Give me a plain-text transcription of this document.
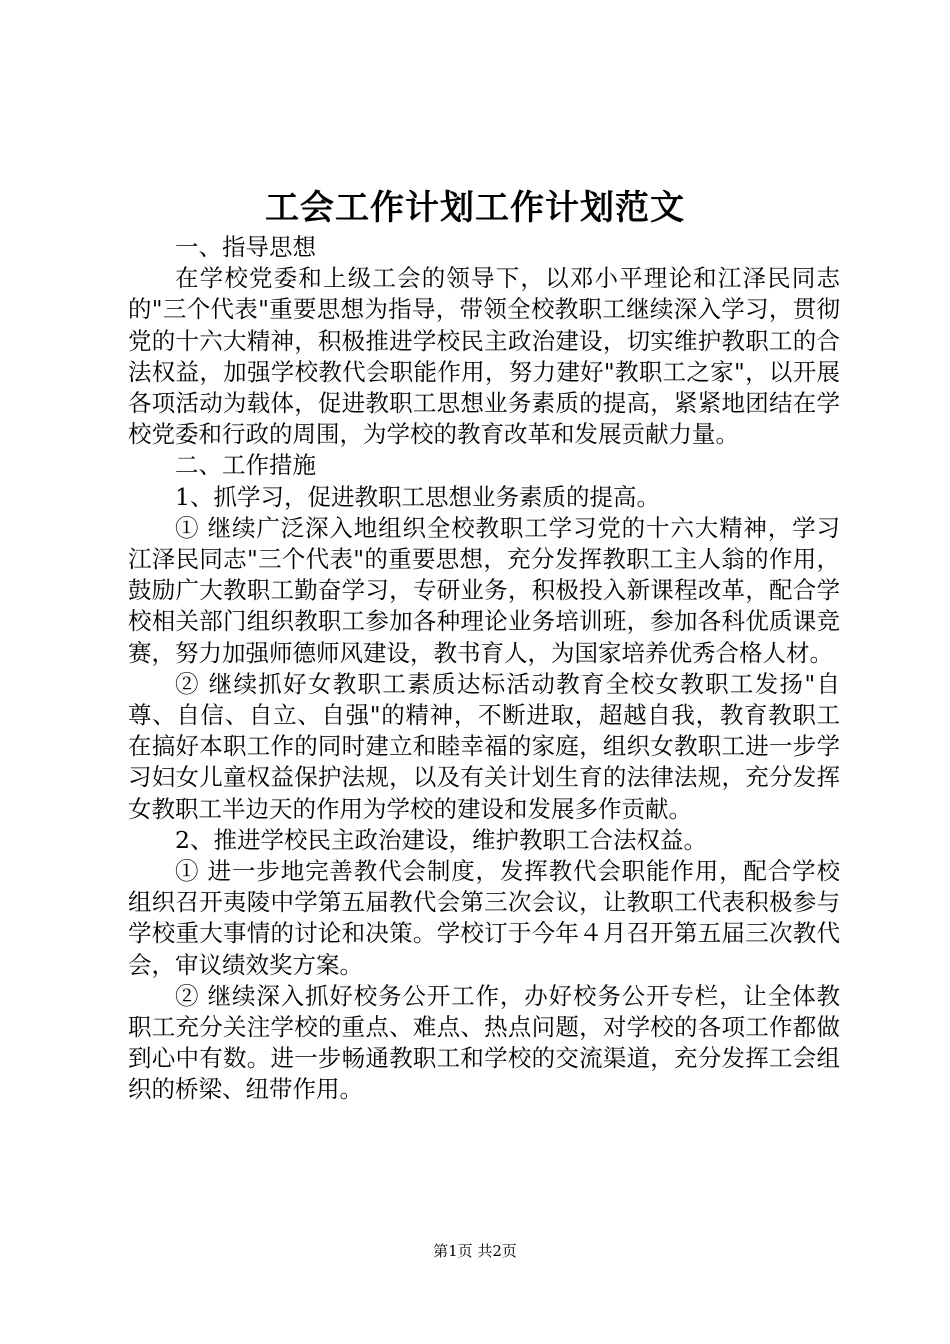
工会工作计划工作计划范文

一、指导思想

在学校党委和上级工会的领导下，以邓小平理论和江泽民同志的"三个代表"重要思想为指导，带领全校教职工继续深入学习，贯彻党的十六大精神，积极推进学校民主政治建设，切实维护教职工的合法权益，加强学校教代会职能作用，努力建好"教职工之家"，以开展各项活动为载体，促进教职工思想业务素质的提高，紧紧地团结在学校党委和行政的周围，为学校的教育改革和发展贡献力量。

二、工作措施

1、抓学习，促进教职工思想业务素质的提高。

① 继续广泛深入地组织全校教职工学习党的十六大精神，学习江泽民同志"三个代表"的重要思想，充分发挥教职工主人翁的作用，鼓励广大教职工勤奋学习，专研业务，积极投入新课程改革，配合学校相关部门组织教职工参加各种理论业务培训班，参加各科优质课竞赛，努力加强师德师风建设，教书育人，为国家培养优秀合格人材。

② 继续抓好女教职工素质达标活动教育全校女教职工发扬"自尊、自信、自立、自强"的精神，不断进取，超越自我，教育教职工在搞好本职工作的同时建立和睦幸福的家庭，组织女教职工进一步学习妇女儿童权益保护法规，以及有关计划生育的法律法规，充分发挥女教职工半边天的作用为学校的建设和发展多作贡献。

2、推进学校民主政治建设，维护教职工合法权益。

① 进一步地完善教代会制度，发挥教代会职能作用，配合学校组织召开夷陵中学第五届教代会第三次会议，让教职工代表积极参与学校重大事情的讨论和决策。学校订于今年４月召开第五届三次教代会，审议绩效奖方案。

② 继续深入抓好校务公开工作，办好校务公开专栏，让全体教职工充分关注学校的重点、难点、热点问题，对学校的各项工作都做到心中有数。进一步畅通教职工和学校的交流渠道，充分发挥工会组织的桥梁、纽带作用。

第1页 共2页
